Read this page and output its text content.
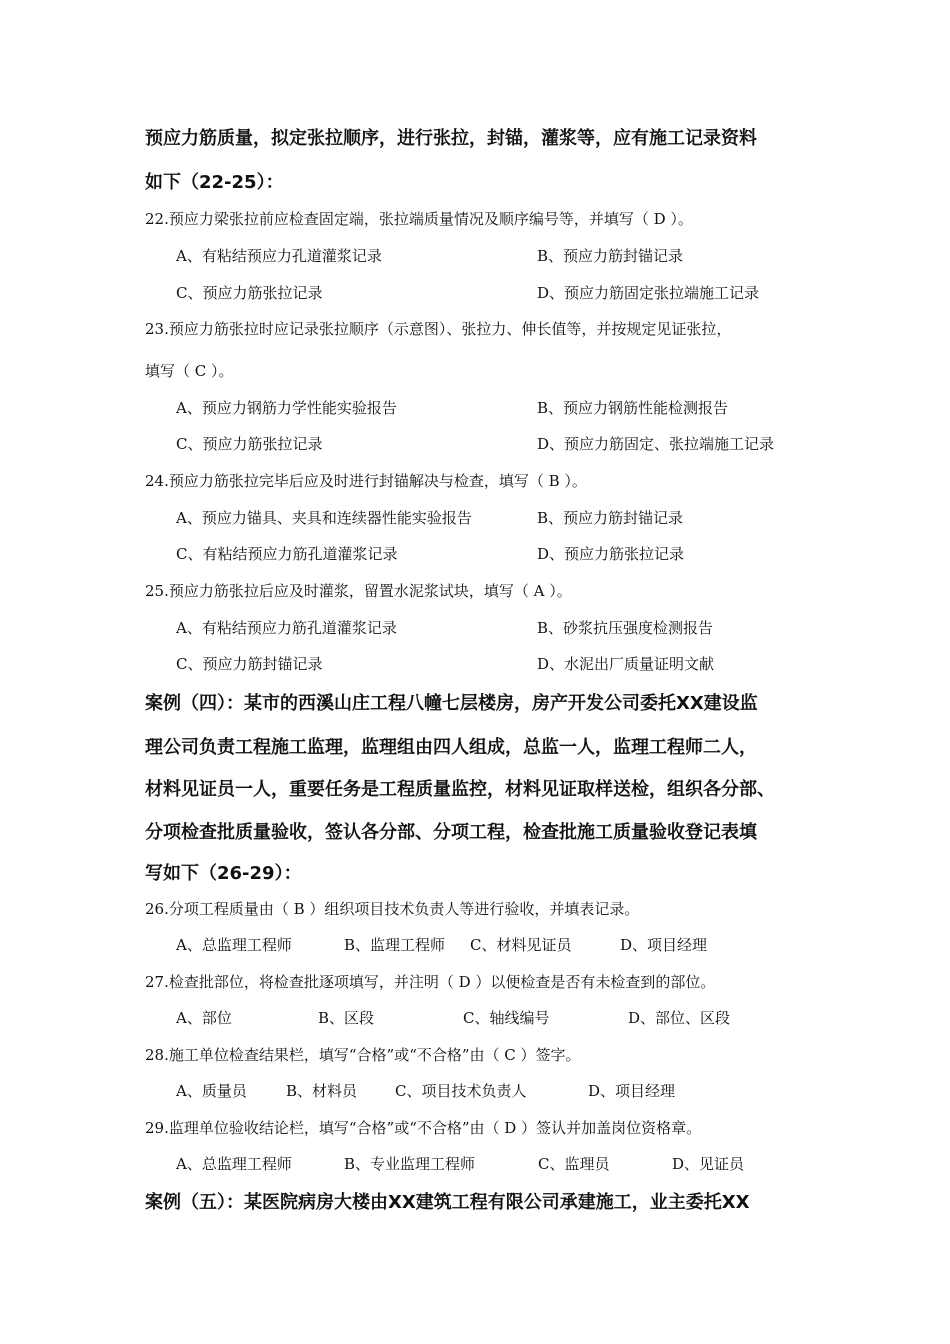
预应力筋质量，拟定张拉顺序，进行张拉，封锚，灌浆等，应有施工记录资料
如下（22-25）：
22.预应力梁张拉前应检查固定端，张拉端质量情况及顺序编号等，并填写（ D ）。
A、有粘结预应力孔道灌浆记录	B、预应力筋封锚记录
C、预应力筋张拉记录	D、预应力筋固定张拉端施工记录
23.预应力筋张拉时应记录张拉顺序（示意图）、张拉力、伸长值等，并按规定见证张拉，
填写（ C ）。
A、预应力钢筋力学性能实验报告	B、预应力钢筋性能检测报告
C、预应力筋张拉记录	D、预应力筋固定、张拉端施工记录
24.预应力筋张拉完毕后应及时进行封锚解决与检查，填写（ B ）。
A、预应力锚具、夹具和连续器性能实验报告	B、预应力筋封锚记录
C、有粘结预应力筋孔道灌浆记录	D、预应力筋张拉记录
25.预应力筋张拉后应及时灌浆，留置水泥浆试块，填写（ A ）。
A、有粘结预应力筋孔道灌浆记录	B、砂浆抗压强度检测报告
C、预应力筋封锚记录	D、水泥出厂质量证明文献
案例（四）：某市的西溪山庄工程八幢七层楼房，房产开发公司委托XX建设监
理公司负责工程施工监理，监理组由四人组成，总监一人，监理工程师二人，
材料见证员一人，重要任务是工程质量监控，材料见证取样送检，组织各分部、
分项检查批质量验收，签认各分部、分项工程，检查批施工质量验收登记表填
写如下（26-29）：
26.分项工程质量由（ B ）组织项目技术负责人等进行验收，并填表记录。
A、总监理工程师	B、监理工程师 C、材料见证员	D、项目经理
27.检查批部位，将检查批逐项填写，并注明（ D ）以便检查是否有未检查到的部位。
A、部位	B、区段	C、轴线编号	D、部位、区段
28.施工单位检查结果栏，填写“合格”或“不合格”由（ C ）签字。
A、质量员	B、材料员	C、项目技术负责人	D、项目经理
29.监理单位验收结论栏，填写“合格”或“不合格”由（ D ）签认并加盖岗位资格章。
A、总监理工程师	B、专业监理工程师	C、监理员	D、见证员
案例（五）：某医院病房大楼由XX建筑工程有限公司承建施工，业主委托XX
